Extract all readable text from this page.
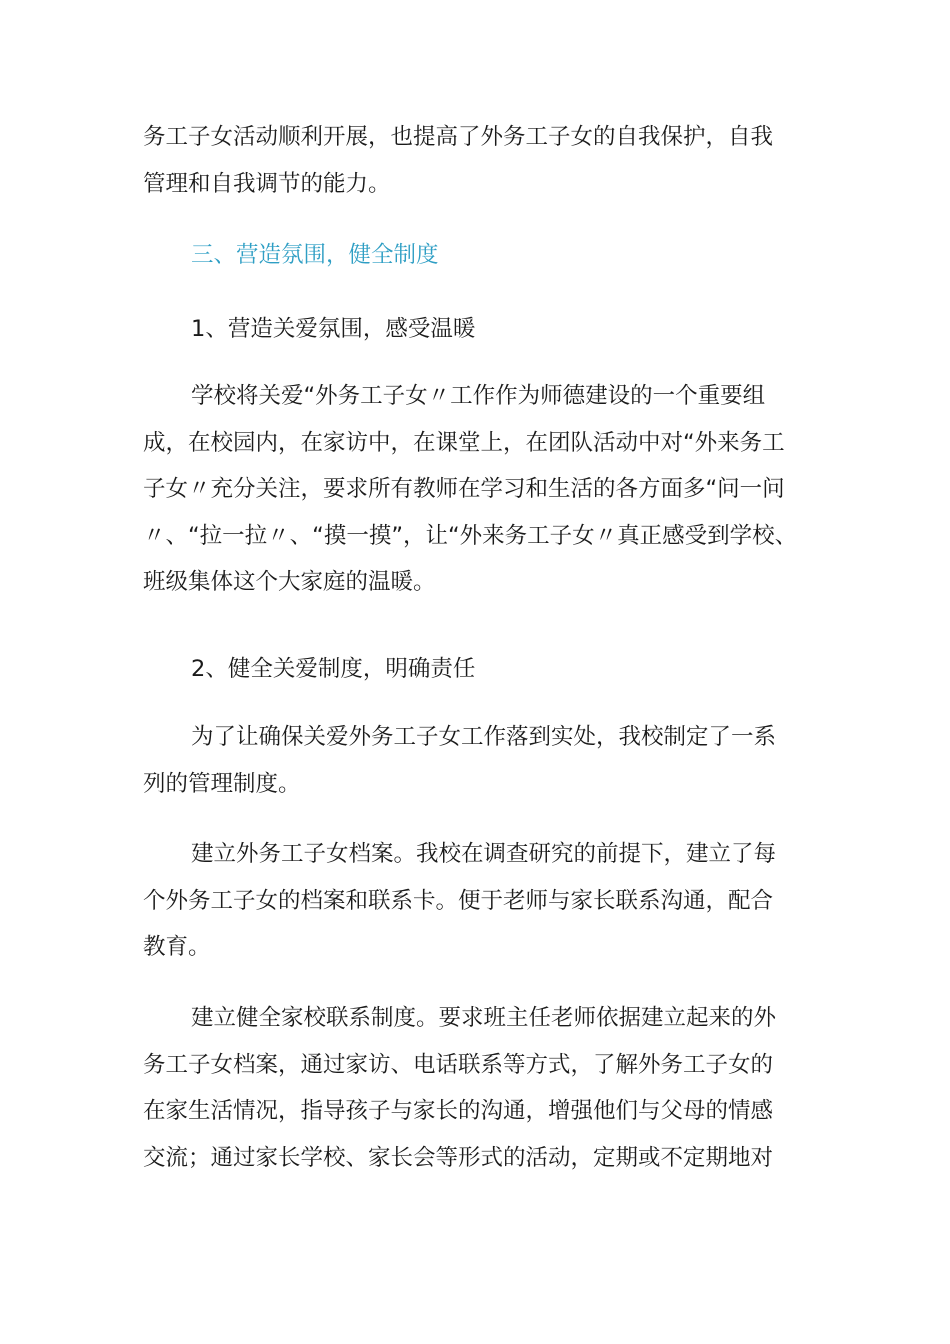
务工子女活动顺利开展，也提高了外务工子女的自我保护，自我
管理和自我调节的能力。

三、营造氛围，健全制度

1、营造关爱氛围，感受温暖

学校将关爱“外务工子女〃工作作为师德建设的一个重要组
成，在校园内，在家访中，在课堂上，在团队活动中对“外来务工
子女〃充分关注，要求所有教师在学习和生活的各方面多“问一问
〃、“拉一拉〃、“摸一摸”，让“外来务工子女〃真正感受到学校、
班级集体这个大家庭的温暖。

2、健全关爱制度，明确责任

为了让确保关爱外务工子女工作落到实处，我校制定了一系
列的管理制度。

建立外务工子女档案。我校在调查研究的前提下，建立了每
个外务工子女的档案和联系卡。便于老师与家长联系沟通，配合
教育。

建立健全家校联系制度。要求班主任老师依据建立起来的外
务工子女档案，通过家访、电话联系等方式，了解外务工子女的
在家生活情况，指导孩子与家长的沟通，增强他们与父母的情感
交流；通过家长学校、家长会等形式的活动，定期或不定期地对
